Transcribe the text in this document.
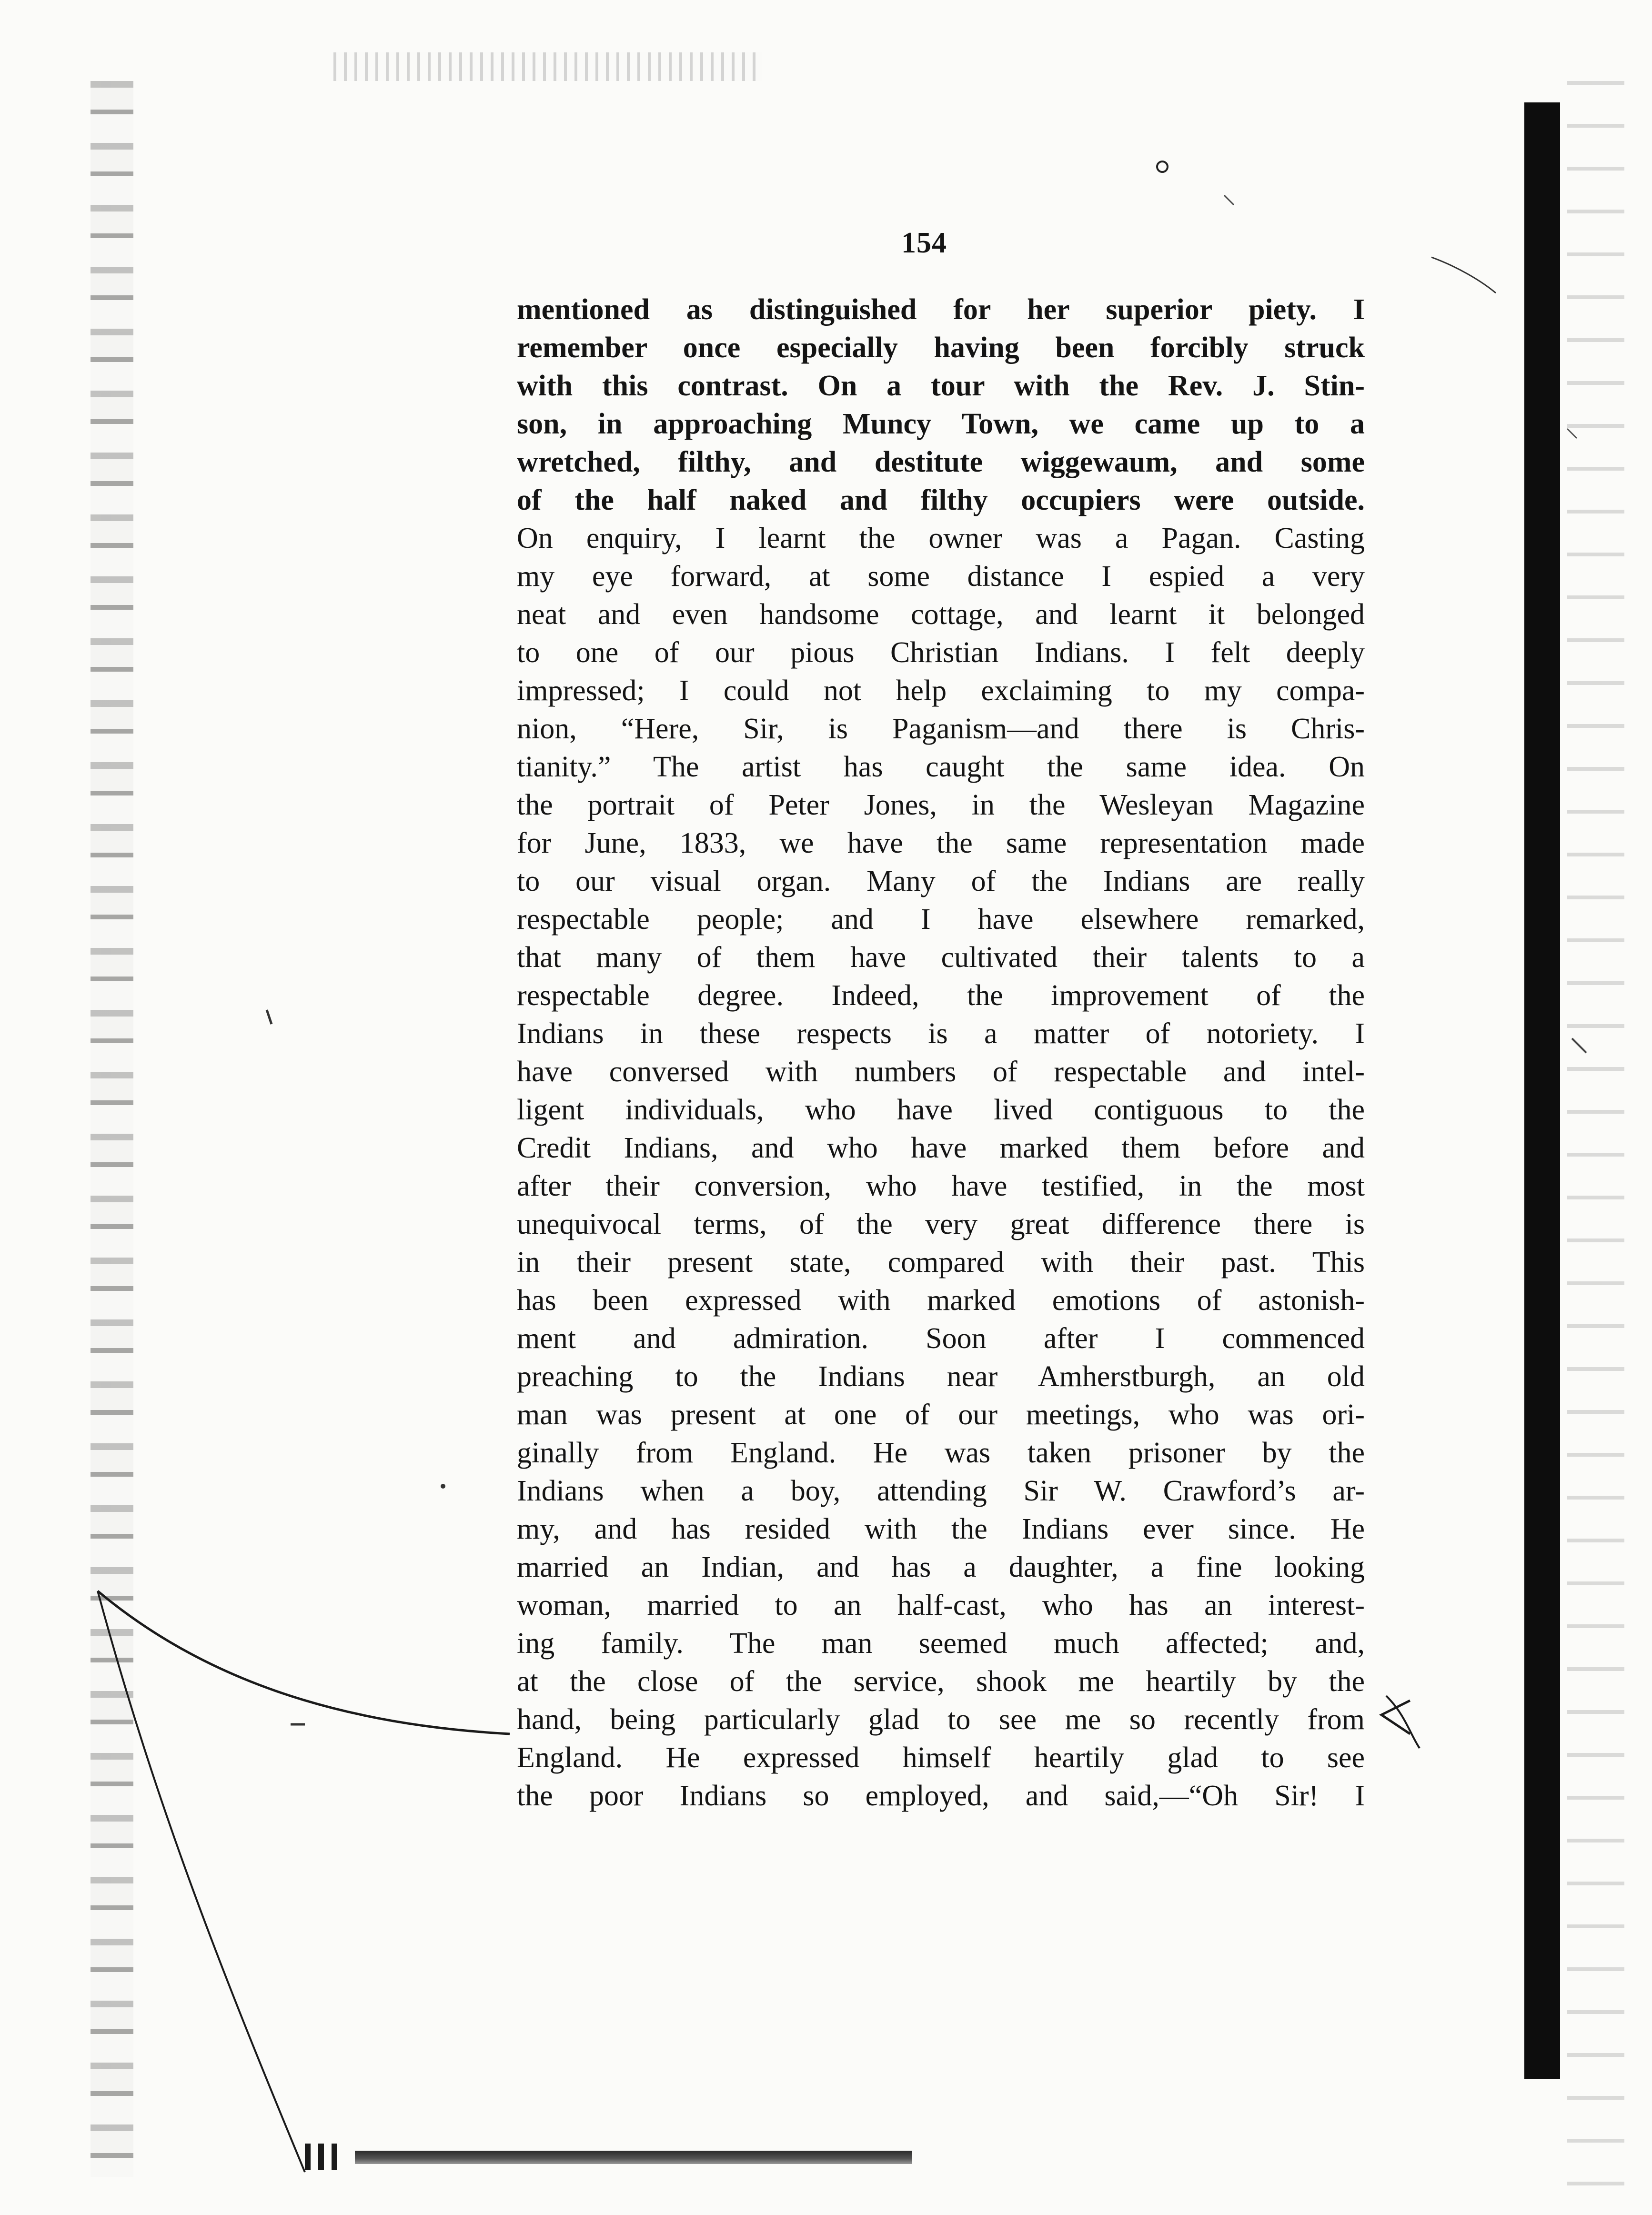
154
mentioned as distinguished for her superior piety. I
remember once especially having been forcibly struck
with this contrast. On a tour with the Rev. J. Stin-
son, in approaching Muncy Town, we came up to a
wretched, filthy, and destitute wiggewaum, and some
of the half naked and filthy occupiers were outside.
On enquiry, I learnt the owner was a Pagan. Casting
my eye forward, at some distance I espied a very
neat and even handsome cottage, and learnt it belonged
to one of our pious Christian Indians. I felt deeply
impressed; I could not help exclaiming to my compa-
nion, “Here, Sir, is Paganism—and there is Chris-
tianity.” The artist has caught the same idea. On
the portrait of Peter Jones, in the Wesleyan Magazine
for June, 1833, we have the same representation made
to our visual organ. Many of the Indians are really
respectable people; and I have elsewhere remarked,
that many of them have cultivated their talents to a
respectable degree. Indeed, the improvement of the
Indians in these respects is a matter of notoriety. I
have conversed with numbers of respectable and intel-
ligent individuals, who have lived contiguous to the
Credit Indians, and who have marked them before and
after their conversion, who have testified, in the most
unequivocal terms, of the very great difference there is
in their present state, compared with their past. This
has been expressed with marked emotions of astonish-
ment and admiration. Soon after I commenced
preaching to the Indians near Amherstburgh, an old
man was present at one of our meetings, who was ori-
ginally from England. He was taken prisoner by the
Indians when a boy, attending Sir W. Crawford’s ar-
my, and has resided with the Indians ever since. He
married an Indian, and has a daughter, a fine looking
woman, married to an half-cast, who has an interest-
ing family. The man seemed much affected; and,
at the close of the service, shook me heartily by the
hand, being particularly glad to see me so recently from
England. He expressed himself heartily glad to see
the poor Indians so employed, and said,—“Oh Sir! I
